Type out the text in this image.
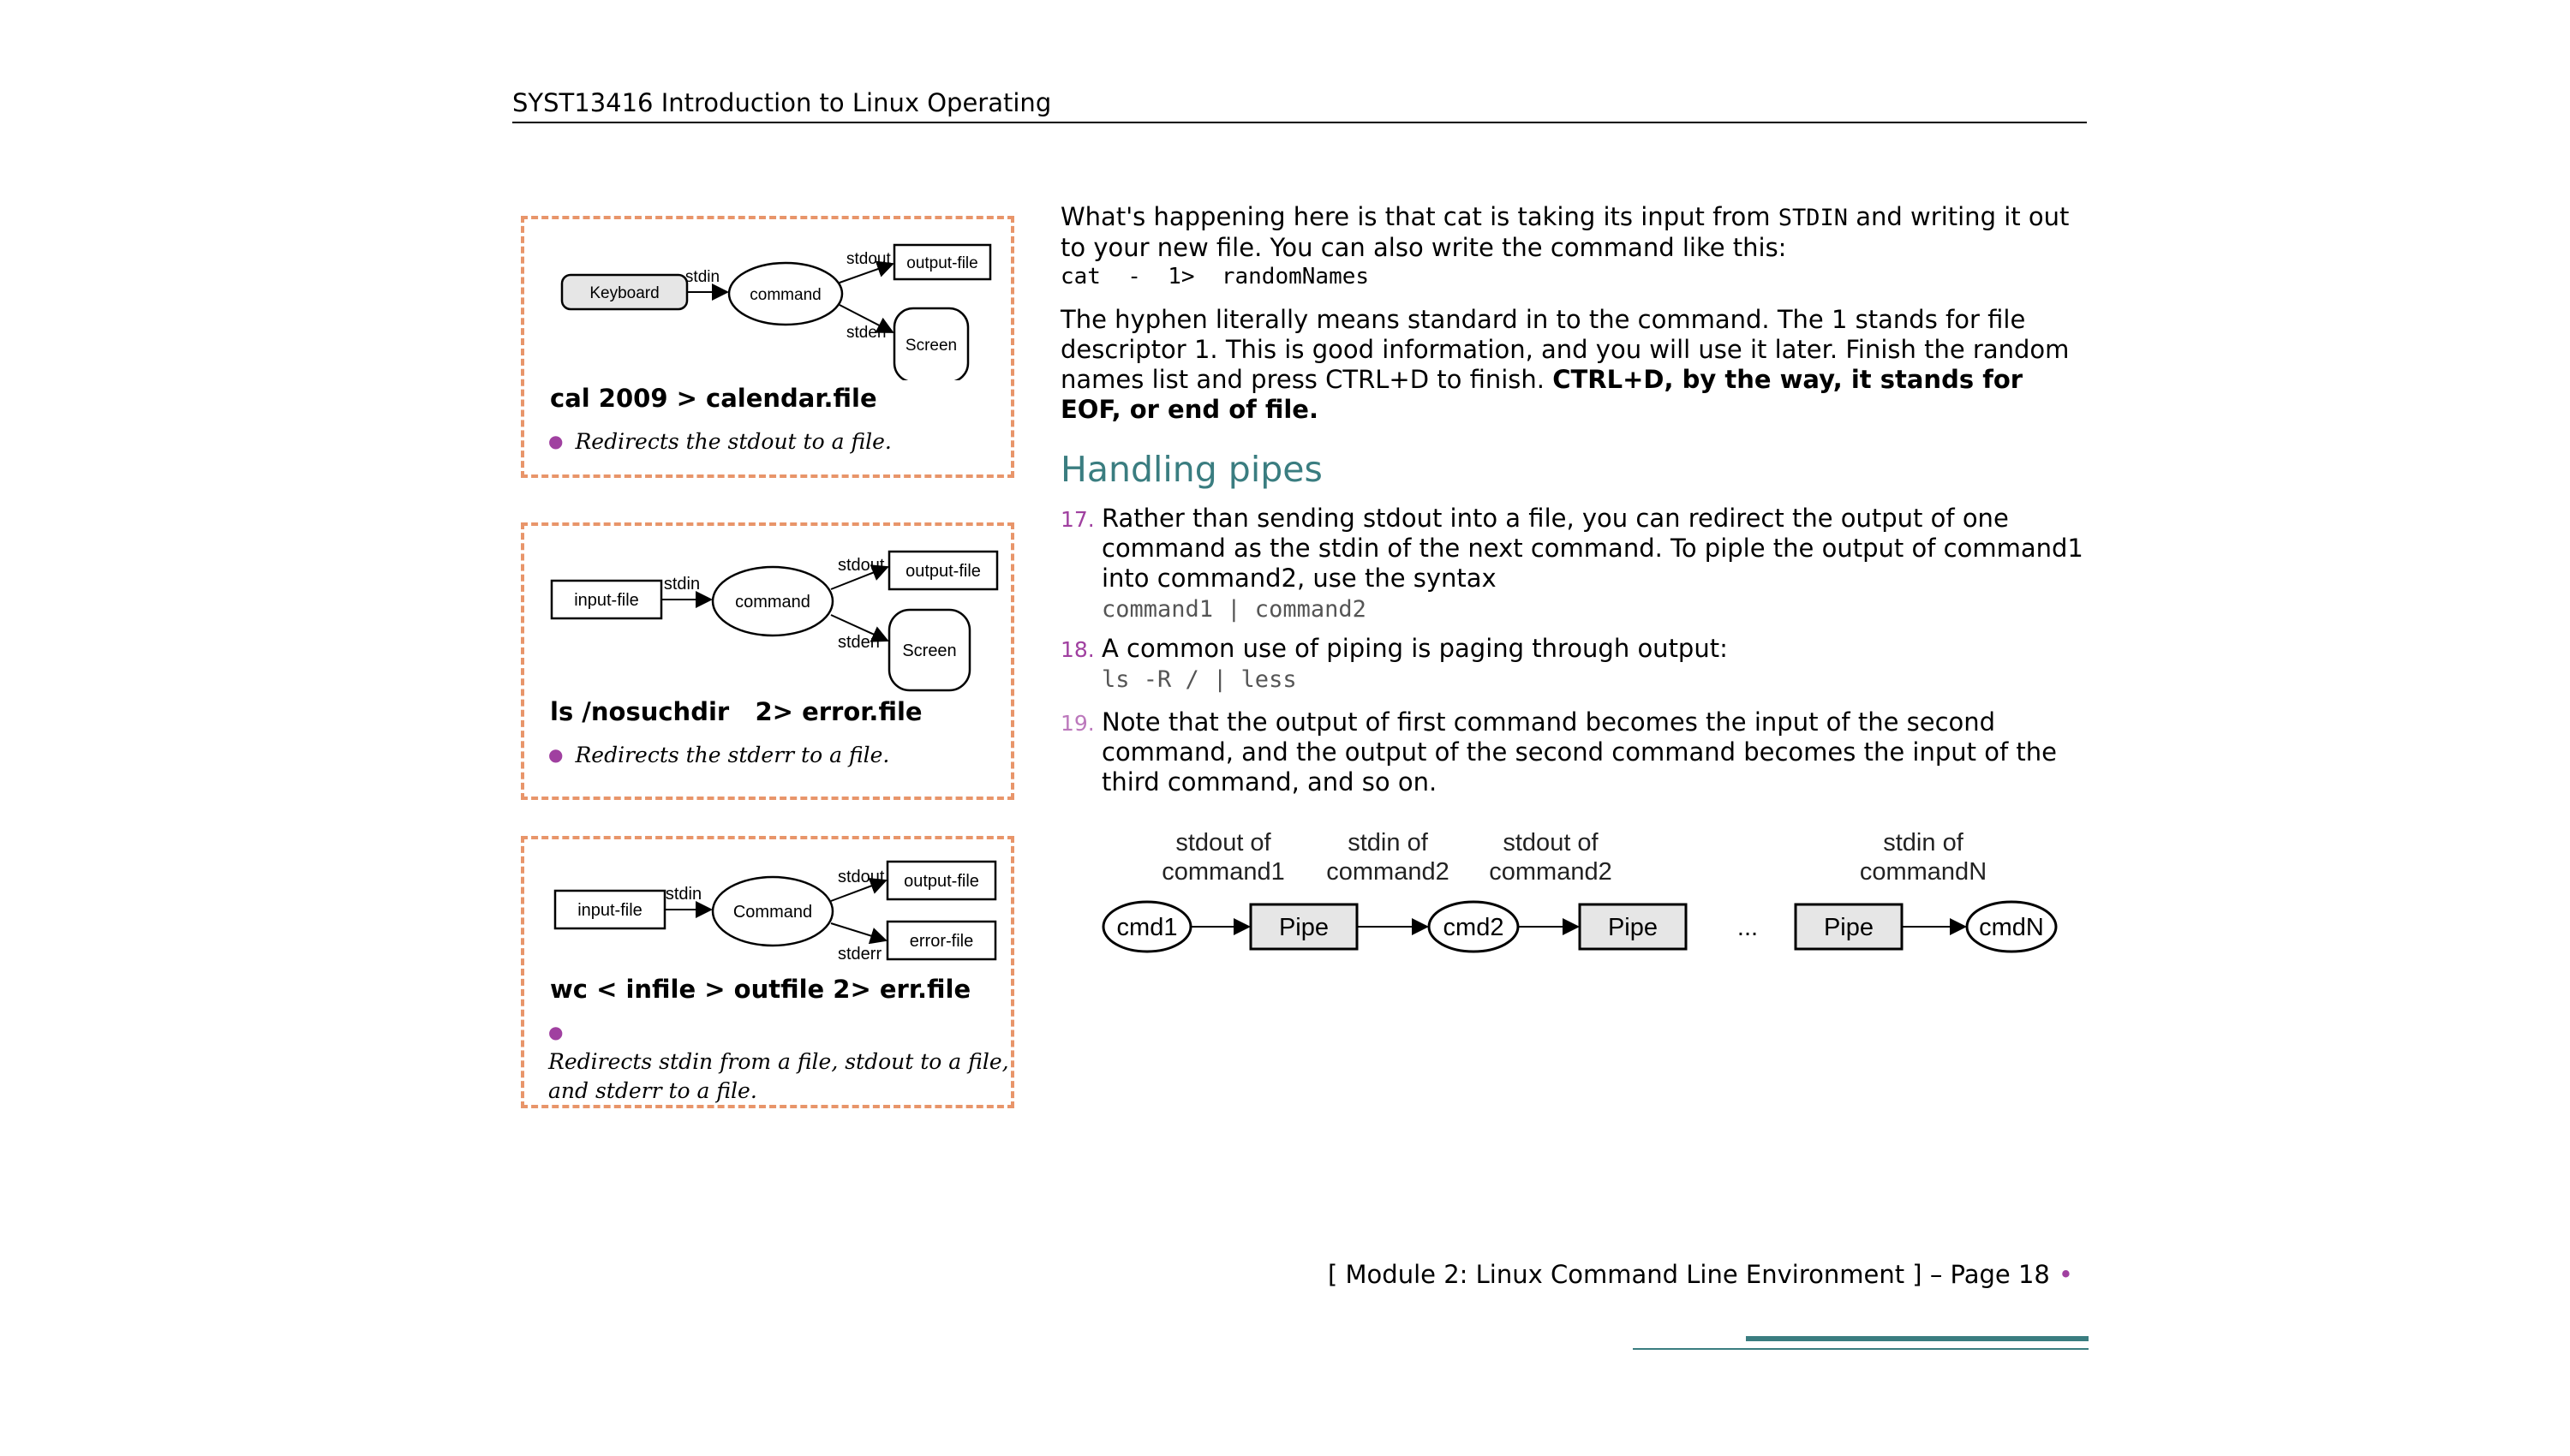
SYST13416 Introduction to Linux Operating
Keyboard
stdin
command
stdout output-file
stderr
Screen
cal 2009 > calendar.file
● Redirects the stdout to a file.
input-file
stdin
command
stdout output-file
stderr Screen
ls /nosuchdir   2> error.file
● Redirects the stderr to a file.
input-file
stdin
Command
stdout output-file
stderr
error-file
wc < infile > outfile 2> err.file
●Redirects stdin from a file, stdout to a file,
and stderr to a file.
What's happening here is that cat is taking its input from STDIN and writing it out to your new file. You can also write the command like this:
cat  -  1>  randomNames
The hyphen literally means standard in to the command. The 1 stands for file descriptor 1. This is good information, and you will use it later. Finish the random names list and press CTRL+D to finish. CTRL+D, by the way, it stands for EOF, or end of file.
Handling pipes
17. Rather than sending stdout into a file, you can redirect the output of one command as the stdin of the next command. To piple the output of command1 into command2, use the syntax
command1 | command2
18. A common use of piping is paging through output:
ls -R / | less
19. Note that the output of first command becomes the input of the second command, and the output of the second command becomes the input of the third command, and so on.
stdout of
command1
stdin of
command2
stdout of
command2
stdin of
commandN
cmd1	Pipe	cmd2	Pipe	...	Pipe	cmdN
[ Module 2: Linux Command Line Environment ] – Page 18 •
